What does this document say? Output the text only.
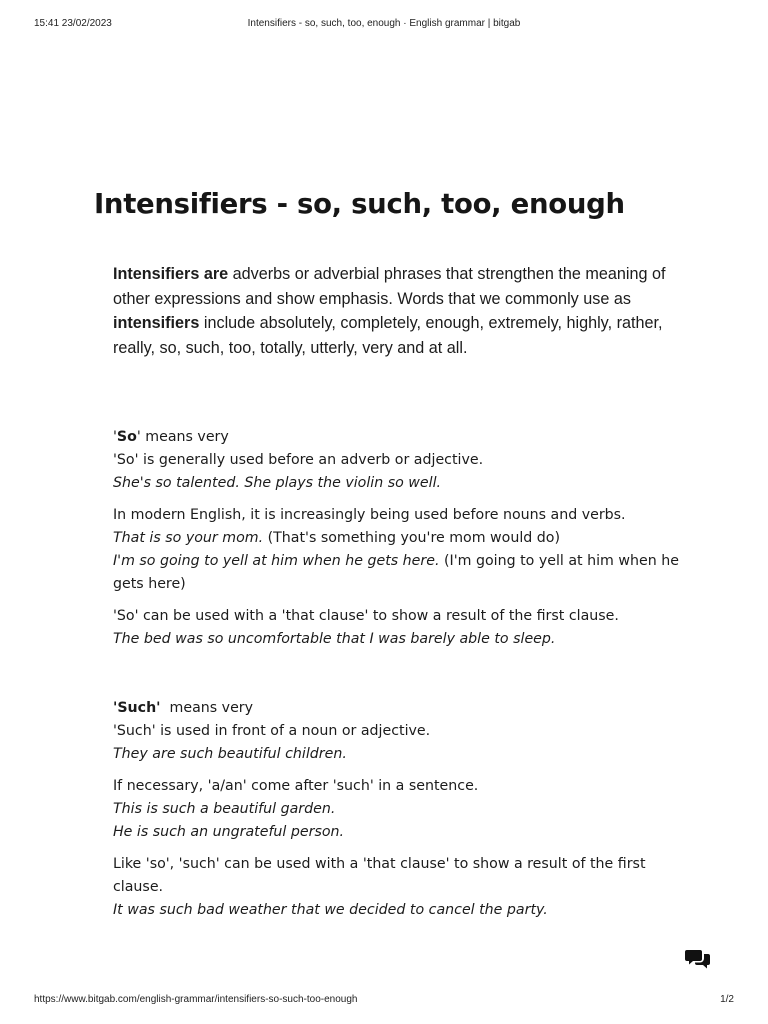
15:41 23/02/2023	Intensifiers - so, such, too, enough · English grammar | bitgab
Intensifiers - so, such, too, enough

Intensifiers are adverbs or adverbial phrases that strengthen the meaning of other expressions and show emphasis. Words that we commonly use as intensifiers include absolutely, completely, enough, extremely, highly, rather, really, so, such, too, totally, utterly, very and at all.

'So' means very
'So' is generally used before an adverb or adjective.
She's so talented. She plays the violin so well.

In modern English, it is increasingly being used before nouns and verbs.
That is so your mom. (That's something you're mom would do)
I'm so going to yell at him when he gets here. (I'm going to yell at him when he gets here)

'So' can be used with a 'that clause' to show a result of the first clause.
The bed was so uncomfortable that I was barely able to sleep.

'Such'  means very
'Such' is used in front of a noun or adjective.
They are such beautiful children.

If necessary, 'a/an' come after 'such' in a sentence.
This is such a beautiful garden.
He is such an ungrateful person.

Like 'so', 'such' can be used with a 'that clause' to show a result of the first clause.
It was such bad weather that we decided to cancel the party.

https://www.bitgab.com/english-grammar/intensifiers-so-such-too-enough	1/2
